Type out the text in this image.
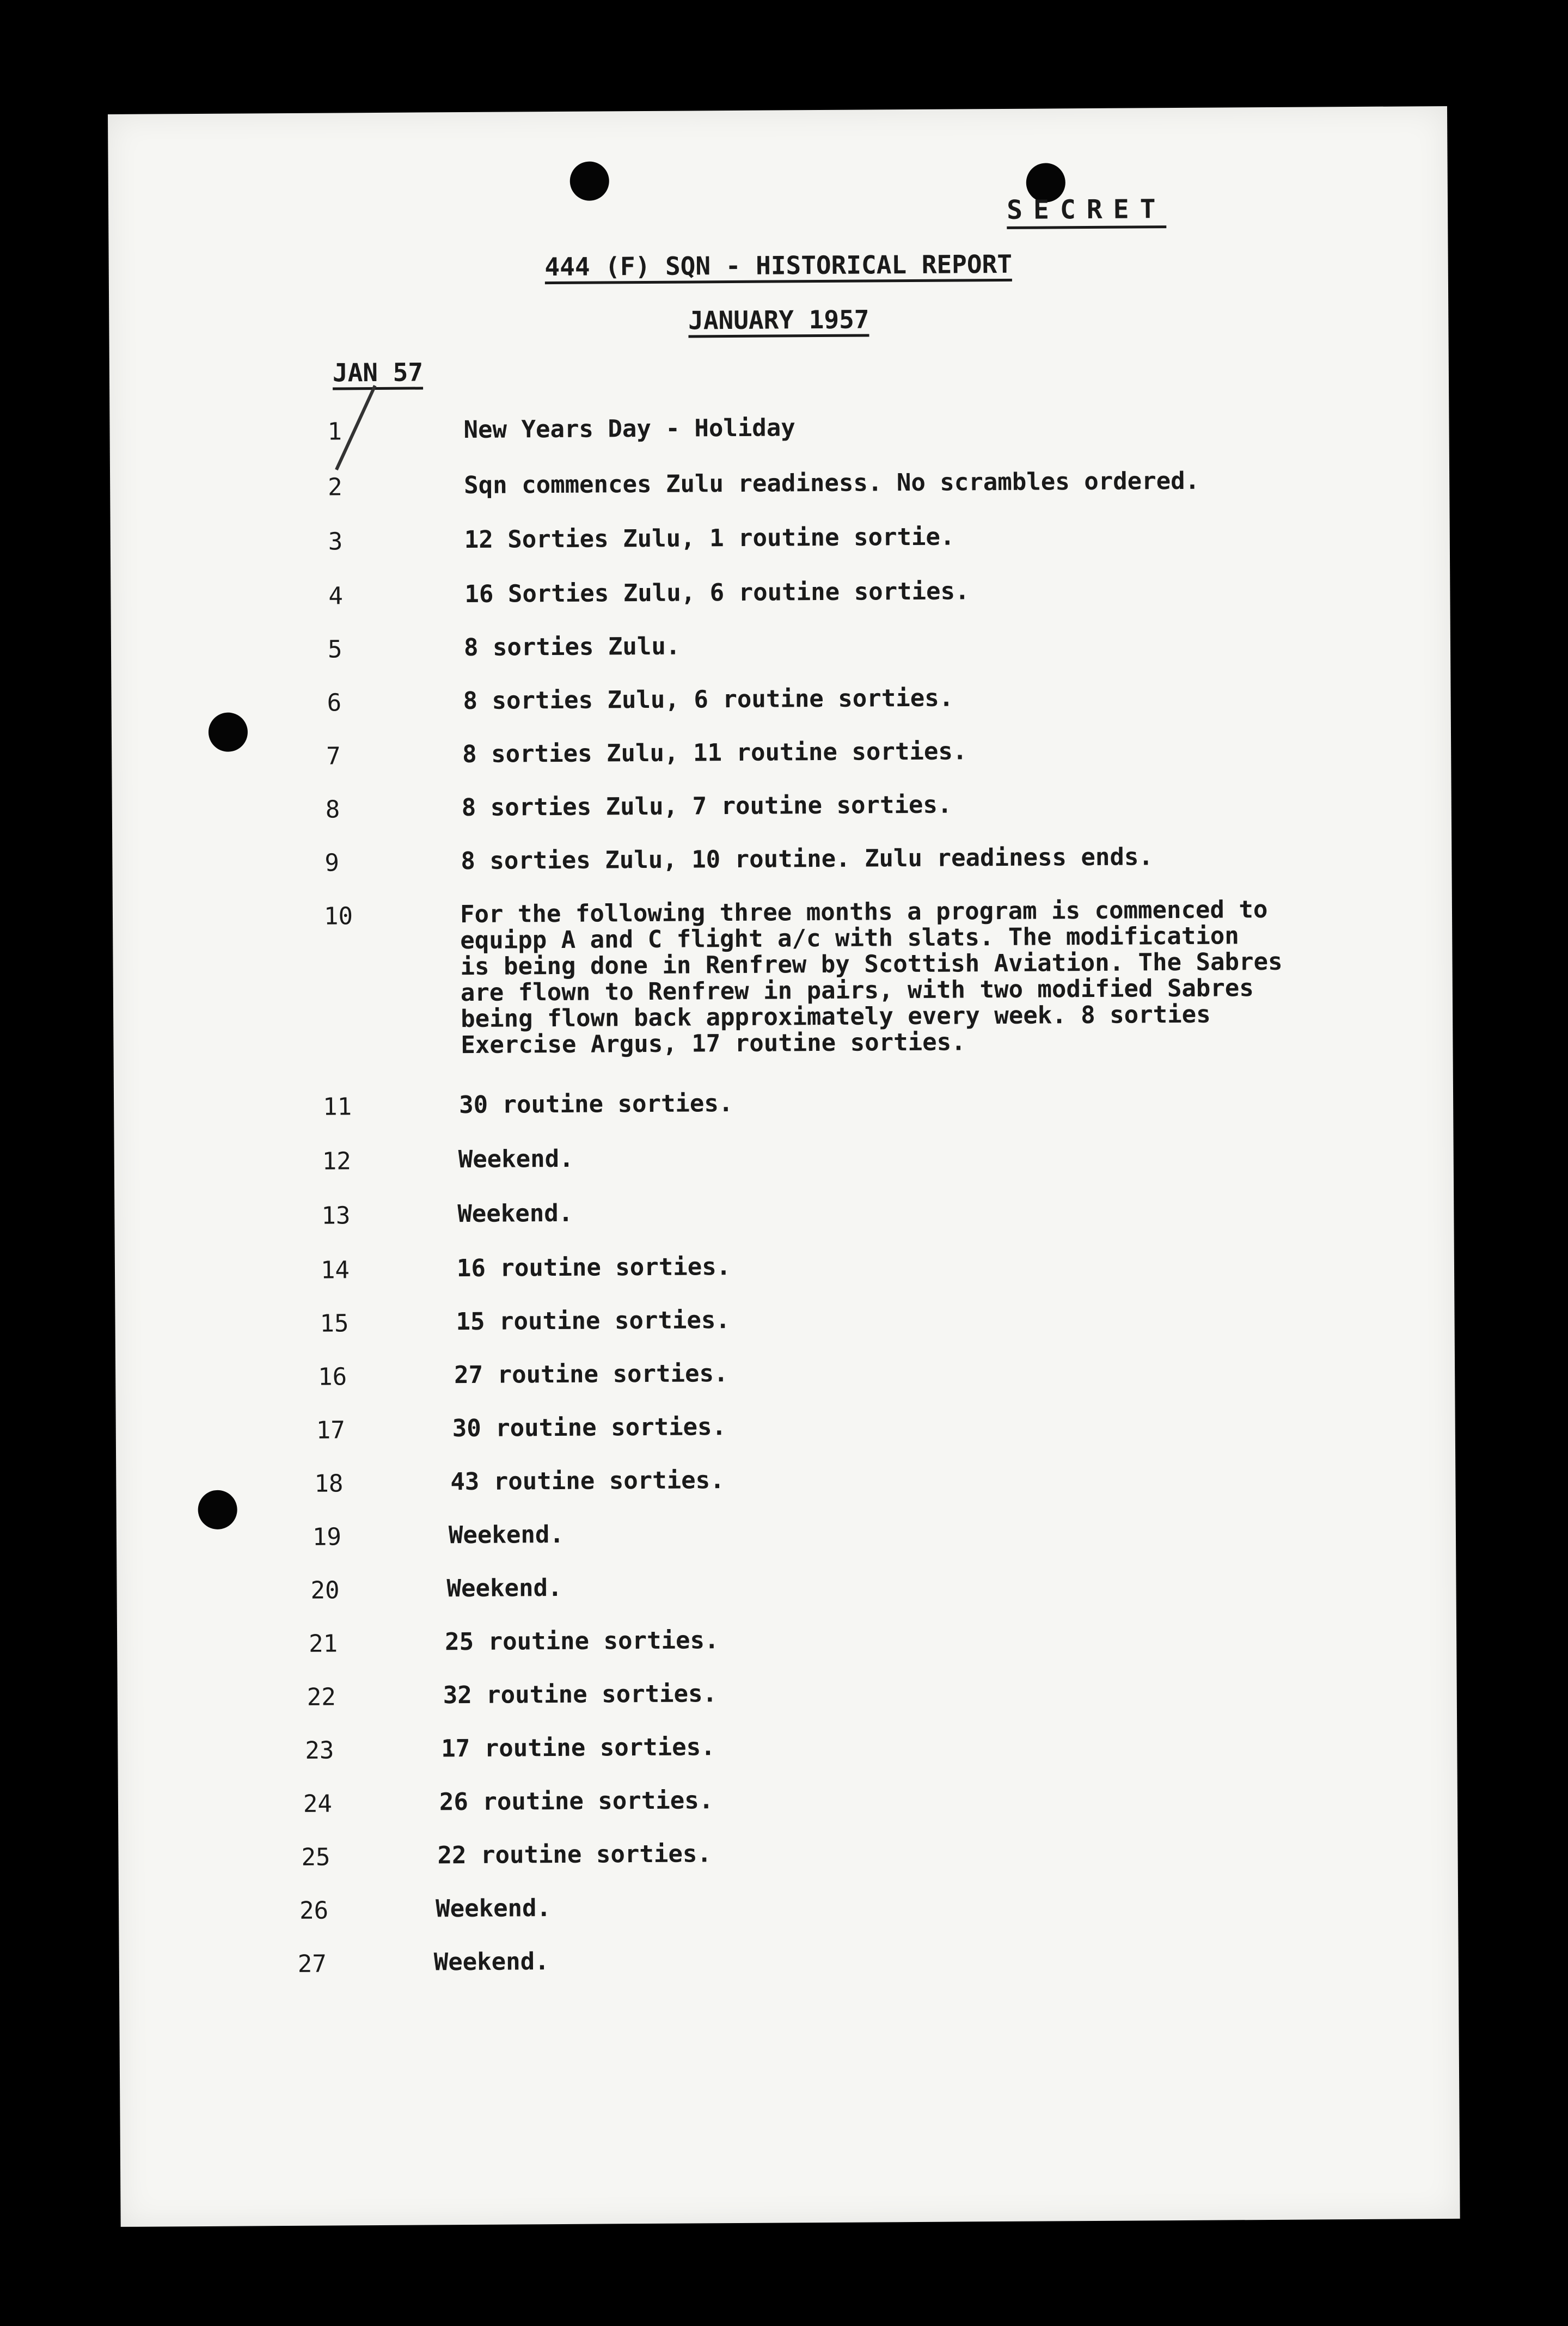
SECRET
444 (F) SQN - HISTORICAL REPORT
JANUARY 1957
JAN 57
1	New Years Day - Holiday
2	Sqn commences Zulu readiness. No scrambles ordered.
3	12 Sorties Zulu, 1 routine sortie.
4	16 Sorties Zulu, 6 routine sorties.
5	8 sorties Zulu.
6	8 sorties Zulu, 6 routine sorties.
7	8 sorties Zulu, 11 routine sorties.
8	8 sorties Zulu, 7 routine sorties.
9	8 sorties Zulu, 10 routine. Zulu readiness ends.
10	For the following three months a program is commenced to
equipp A and C flight a/c with slats. The modification
is being done in Renfrew by Scottish Aviation. The Sabres
are flown to Renfrew in pairs, with two modified Sabres
being flown back approximately every week. 8 sorties
Exercise Argus, 17 routine sorties.
11	30 routine sorties.
12	Weekend.
13	Weekend.
14	16 routine sorties.
15	15 routine sorties.
16	27 routine sorties.
17	30 routine sorties.
18	43 routine sorties.
19	Weekend.
20	Weekend.
21	25 routine sorties.
22	32 routine sorties.
23	17 routine sorties.
24	26 routine sorties.
25	22 routine sorties.
26	Weekend.
27	Weekend.
